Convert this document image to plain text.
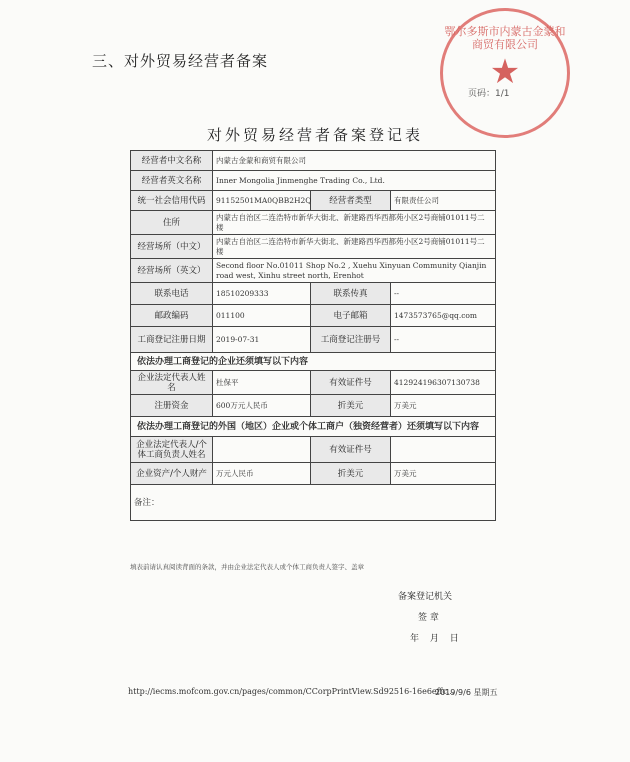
三、对外贸易经营者备案
鄂尔多斯市内蒙古金蒙和商贸有限公司
★
页码：1/1
对外贸易经营者备案登记表
经营者中文名称	内蒙古金蒙和商贸有限公司		
经营者英文名称	Inner Mongolia Jinmenghe Trading Co., Ltd.		
统一社会信用代码	91152501MA0QBB2H2Q	经营者类型	有限责任公司
住所	内蒙古自治区二连浩特市新华大街北、新建路西华西都苑小区2号商铺01011号二楼		
经营场所（中文）	内蒙古自治区二连浩特市新华大街北、新建路西华西都苑小区2号商铺01011号二楼		
经营场所（英文）	Second floor No.01011 Shop No.2 , Xuehu Xinyuan Community Qianjin road west, Xinhu street north, Erenhot		
联系电话	18510209333	联系传真	--
邮政编码	011100	电子邮箱	1473573765@qq.com
工商登记注册日期	2019-07-31	工商登记注册号	--
依法办理工商登记的企业还须填写以下内容			
企业法定代表人姓名	杜保平	有效证件号	412924196307130738
注册资金	600万元人民币	折美元	万美元
依法办理工商登记的外国（地区）企业或个体工商户（独资经营者）还须填写以下内容			
企业法定代表人/个体工商负责人姓名		有效证件号	
企业资产/个人财产	万元人民币	折美元	万美元
备注：			
填表前请认真阅读背面的条款，并由企业法定代表人或个体工商负责人签字、盖章
备案登记机关
签 章
年 月 日
http://iecms.mofcom.gov.cn/pages/common/CCorpPrintView.Sd92516-16e6effc...
2019/9/6 星期五
